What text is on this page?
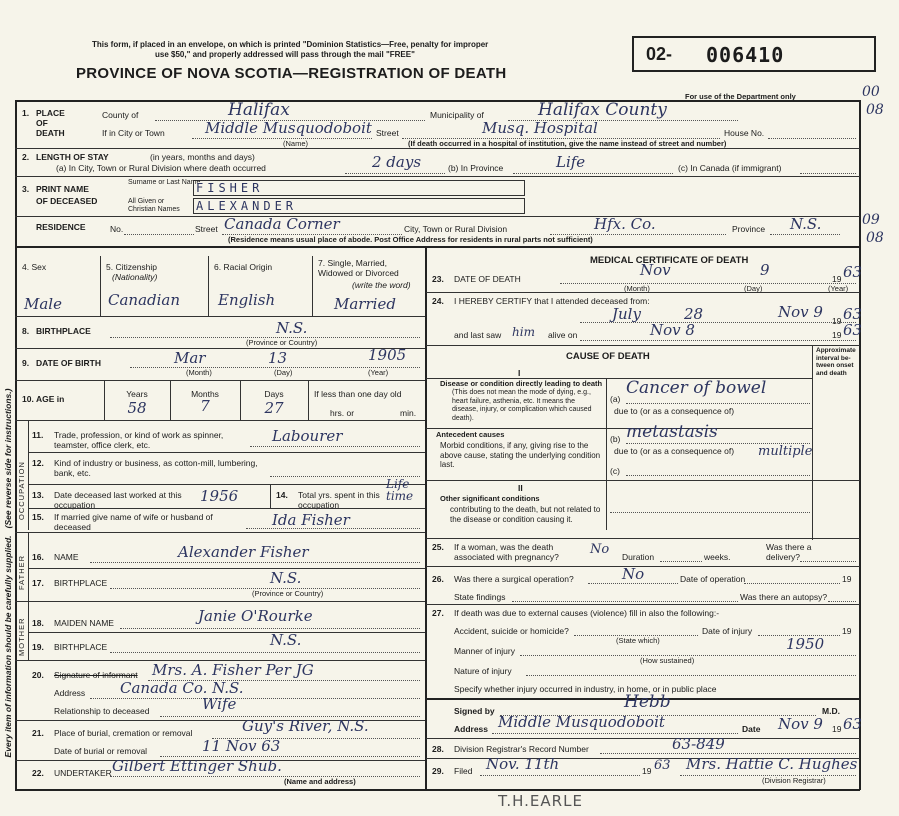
Every item of information should be carefully supplied.   (See reverse side for instructions.)
This form, if placed in an envelope, on which is printed "Dominion Statistics—Free, penalty for improper
use $50," and properly addressed will pass through the mail "FREE"
PROVINCE OF NOVA SCOTIA—REGISTRATION OF DEATH
02- 006410
For use of the Department only	00
08
09
08
1. PLACE
OF
DEATH
County of	Halifax	Municipality of	Halifax County
If in City or Town	Middle Musquodoboit Street	Musq. Hospital	House No.
(Name)	(If death occurred in a hospital of institution, give the name instead of street and number)
2. LENGTH OF STAY	(in years, months and days)
(a) In City, Town or Rural Division where death occurred	2 days	(b) In Province	Life	(c) In Canada (if immigrant)
3. PRINT NAME
OF DECEASED
Surname or Last Name
All Given or Christian Names
FISHER
ALEXANDER
RESIDENCE	No.	Street Canada Corner	City, Town or Rural Division	Hfx. Co.	Province N.S.
(Residence means usual place of abode. Post Office Address for residents in rural parts not sufficient)
4. Sex	5. Citizenship
(Nationality)
6. Racial Origin	7. Single, Married, Widowed or Divorced
(write the word)
Male	Canadian	English	Married
8. BIRTHPLACE	N.S.
(Province or Country)
9. DATE OF BIRTH	Mar	13	1905
(Month)	(Day)	(Year)
10. AGE in	Years	Months	Days	If less than one day old
58	7	27	hrs. or	min.
OCCUPATION
11. Trade, profession, or kind of work as spinner, teamster, office clerk, etc.	Labourer
12. Kind of industry or business, as cotton-mill, lumbering, bank, etc.
13. Date deceased last worked at this occupation	1956	14. Total yrs. spent in this occupation
Life time
15. If married give name of wife or husband of deceased	Ida Fisher
FATHER 16. NAME	Alexander Fisher
17. BIRTHPLACE	N.S.
(Province or Country)
MOTHER 18. MAIDEN NAME	Janie O'Rourke
19. BIRTHPLACE	N.S.
20. Signature of informant Mrs. A. Fisher Per JG
Address Canada Co. N.S.
Relationship to deceased	Wife
21. Place of burial, cremation or removal	Guy's River, N.S.
Date of burial or removal	11 Nov 63
22. UNDERTAKER Gilbert Ettinger Shub.
(Name and address)
MEDICAL CERTIFICATE OF DEATH
23. DATE OF DEATH	Nov	9	19 63
(Month)	(Day)	(Year)
24. I HEREBY CERTIFY that I attended deceased from:
July	28	Nov 9 19 63
and last saw him alive on	Nov 8	19 63
CAUSE OF DEATH
Approximate interval be-tween onset and death
I
Disease or condition directly leading to death
(This does not mean the mode of dying, e.g., heart failure, asthenia, etc. It means the disease, injury, or complication which caused death).
(a)
Cancer of bowel
due to (or as a consequence of)
Antecedent causes
Morbid conditions, if any, giving rise to the above cause, stating the underlying condition last.
(b) metastasis
due to (or as a consequence of) multiple
(c)
II
Other significant conditions
contributing to the death, but not related to the disease or condition causing it.
25. If a woman, was the death associated with pregnancy?	No Duration	weeks.
Was there a delivery?
26. Was there a surgical operation?	No	Date of operation	19
State findings	Was there an autopsy?
27. If death was due to external causes (violence) fill in also the following:-
Accident, suicide or homicide?
(State which)
Date of injury	19
Manner of injury	1950
(How sustained)
Nature of injury
Specify whether injury occurred in industry, in home, or in public place
Signed by	Hebb	M.D.
Address Middle Musquodoboit	Date Nov 9 19 63
28. Division Registrar's Record Number	63-849
29. Filed Nov. 11th	19 63 Mrs. Hattie C. Hughes
(Division Registrar)
T.H.EARLE
